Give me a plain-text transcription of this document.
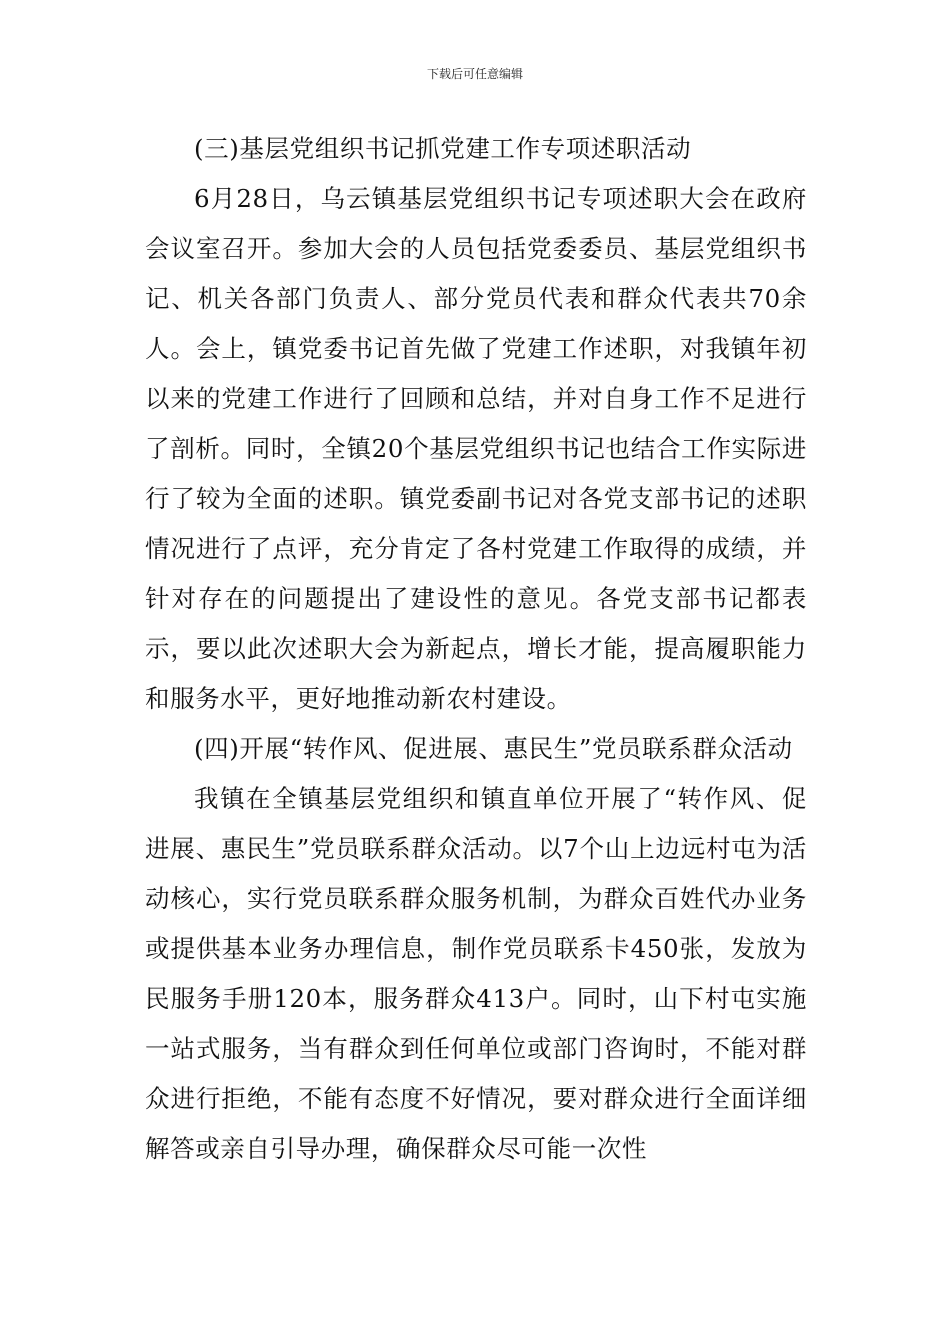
下载后可任意编辑

(三)基层党组织书记抓党建工作专项述职活动

6月28日，乌云镇基层党组织书记专项述职大会在政府会议室召开。参加大会的人员包括党委委员、基层党组织书记、机关各部门负责人、部分党员代表和群众代表共70余人。会上，镇党委书记首先做了党建工作述职，对我镇年初以来的党建工作进行了回顾和总结，并对自身工作不足进行了剖析。同时，全镇20个基层党组织书记也结合工作实际进行了较为全面的述职。镇党委副书记对各党支部书记的述职情况进行了点评，充分肯定了各村党建工作取得的成绩，并针对存在的问题提出了建设性的意见。各党支部书记都表示，要以此次述职大会为新起点，增长才能，提高履职能力和服务水平，更好地推动新农村建设。

(四)开展“转作风、促进展、惠民生”党员联系群众活动

我镇在全镇基层党组织和镇直单位开展了“转作风、促进展、惠民生”党员联系群众活动。以7个山上边远村屯为活动核心，实行党员联系群众服务机制，为群众百姓代办业务或提供基本业务办理信息，制作党员联系卡450张，发放为民服务手册120本，服务群众413户。同时，山下村屯实施一站式服务，当有群众到任何单位或部门咨询时，不能对群众进行拒绝，不能有态度不好情况，要对群众进行全面详细解答或亲自引导办理，确保群众尽可能一次性
